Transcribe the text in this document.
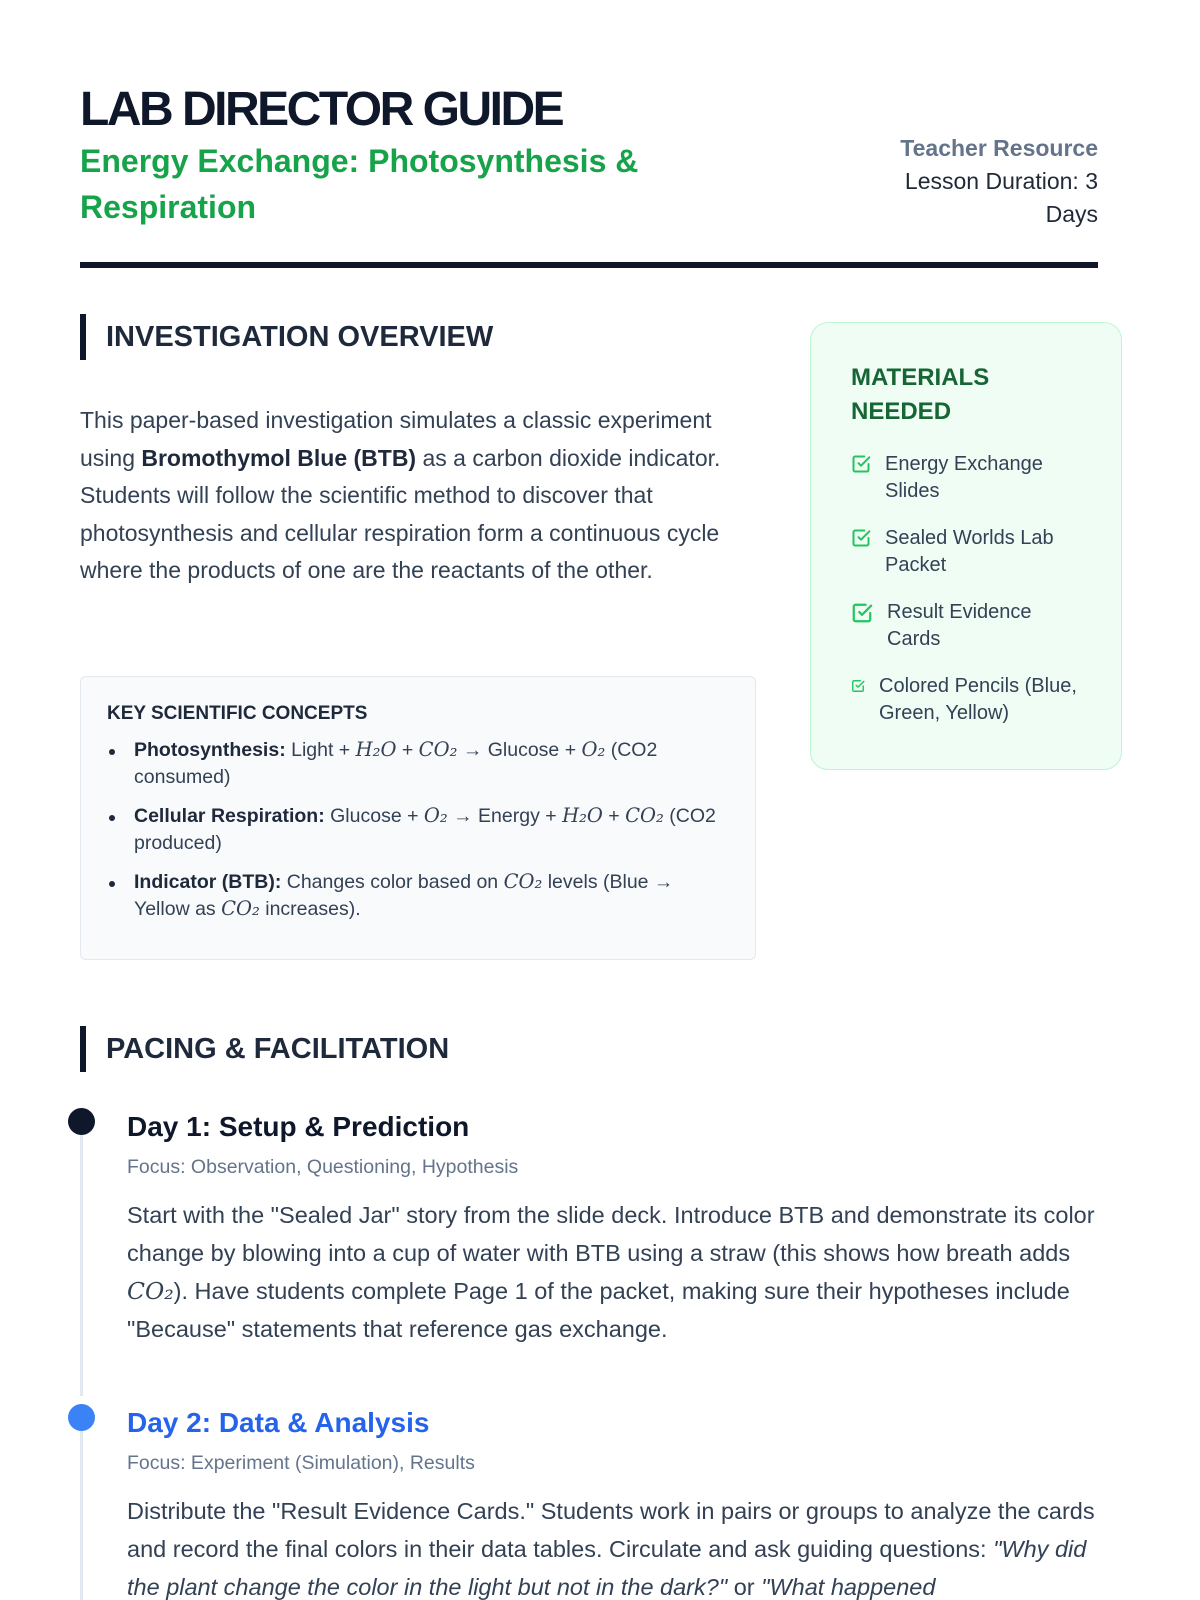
LAB DIRECTOR GUIDE
Energy Exchange: Photosynthesis & Respiration
Teacher Resource
Lesson Duration: 3 Days
INVESTIGATION OVERVIEW

This paper-based investigation simulates a classic experiment using Bromothymol Blue (BTB) as a carbon dioxide indicator. Students will follow the scientific method to discover that photosynthesis and cellular respiration form a continuous cycle where the products of one are the reactants of the other.

KEY SCIENTIFIC CONCEPTS
Photosynthesis: Light + H₂O + CO₂ → Glucose + O₂ (CO2 consumed)
Cellular Respiration: Glucose + O₂ → Energy + H₂O + CO₂ (CO2 produced)
Indicator (BTB): Changes color based on CO₂ levels (Blue → Yellow as CO₂ increases).
MATERIALS NEEDED
Energy Exchange Slides
Sealed Worlds Lab Packet
Result Evidence Cards
Colored Pencils (Blue, Green, Yellow)
PACING & FACILITATION
Day 1: Setup & Prediction
Focus: Observation, Questioning, Hypothesis

Start with the "Sealed Jar" story from the slide deck. Introduce BTB and demonstrate its color change by blowing into a cup of water with BTB using a straw (this shows how breath adds CO₂). Have students complete Page 1 of the packet, making sure their hypotheses include "Because" statements that reference gas exchange.

Day 2: Data & Analysis
Focus: Experiment (Simulation), Results

Distribute the "Result Evidence Cards." Students work in pairs or groups to analyze the cards and record the final colors in their data tables. Circulate and ask guiding questions: "Why did the plant change the color in the light but not in the dark?" or "What happened
